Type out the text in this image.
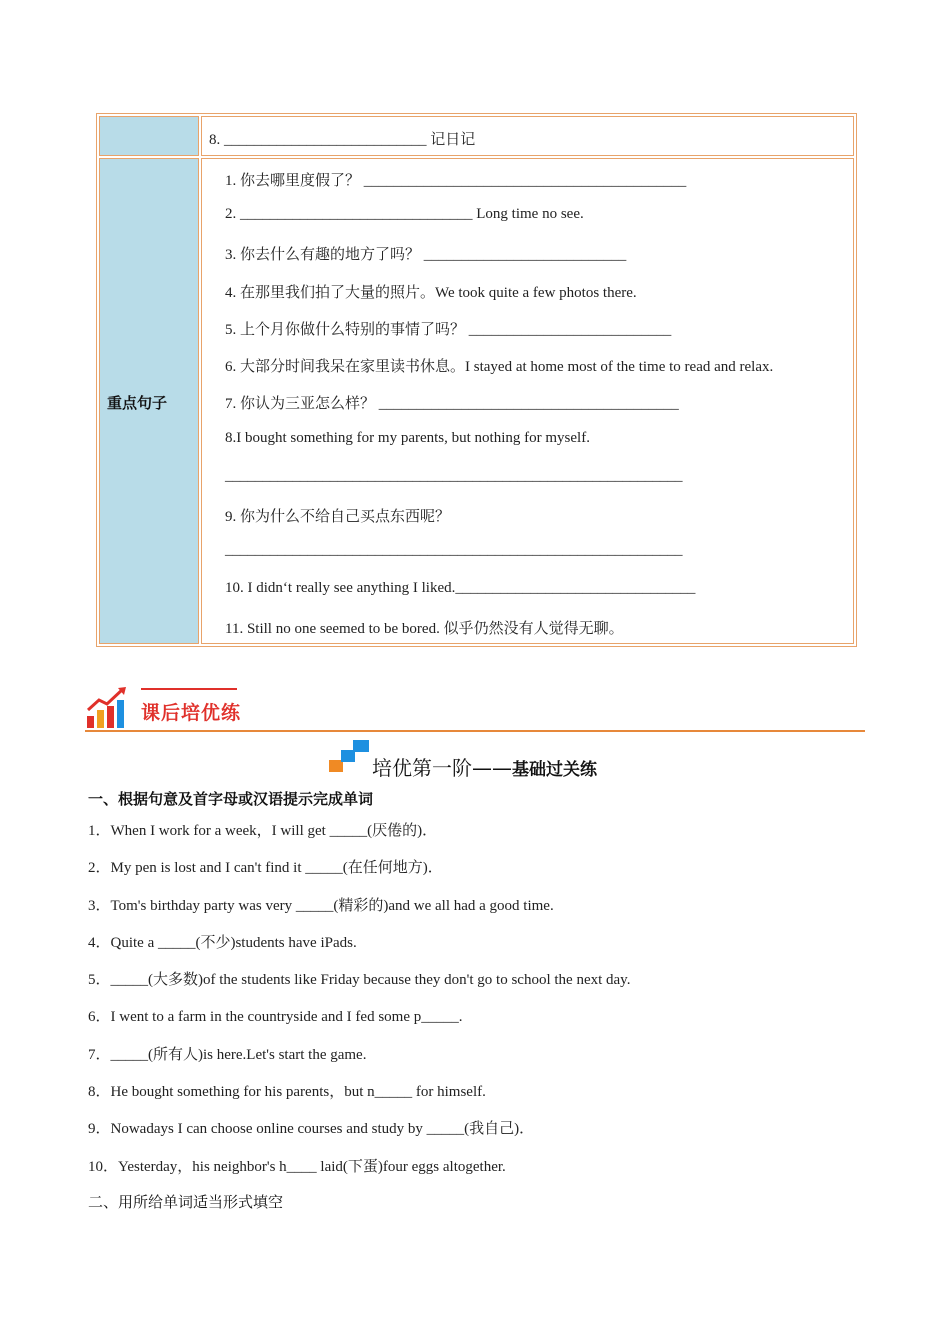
8. ___________________________ 记日记
重点句子
1. 你去哪里度假了？ ___________________________________________
2. _______________________________ Long time no see.
3. 你去什么有趣的地方了吗？ ___________________________
4. 在那里我们拍了大量的照片。We took quite a few photos there.
5. 上个月你做什么特别的事情了吗？ ___________________________
6. 大部分时间我呆在家里读书休息。I stayed at home most of the time to read and relax.
7. 你认为三亚怎么样？ ________________________________________
8.I bought something for my parents, but nothing for myself.
_____________________________________________________________
9. 你为什么不给自己买点东西呢？
_____________________________________________________________
10. I didn‘t really see anything I liked.________________________________
11. Still no one seemed to be bored. 似乎仍然没有人觉得无聊。
课后培优练
培优第一阶——基础过关练
一、根据句意及首字母或汉语提示完成单词
1．When I work for a week，I will get _____(厌倦的)．
2．My pen is lost and I can't find it _____(在任何地方)．
3．Tom's birthday party was very _____(精彩的)and we all had a good time.
4．Quite a _____(不少)students have iPads.
5．_____(大多数)of the students like Friday because they don't go to school the next day.
6．I went to a farm in the countryside and I fed some p_____.
7．_____(所有人)is here.Let's start the game.
8．He bought something for his parents，but n_____ for himself.
9．Nowadays I can choose online courses and study by _____(我自己)．
10．Yesterday，his neighbor's h____ laid(下蛋)four eggs altogether.
二、用所给单词适当形式填空
